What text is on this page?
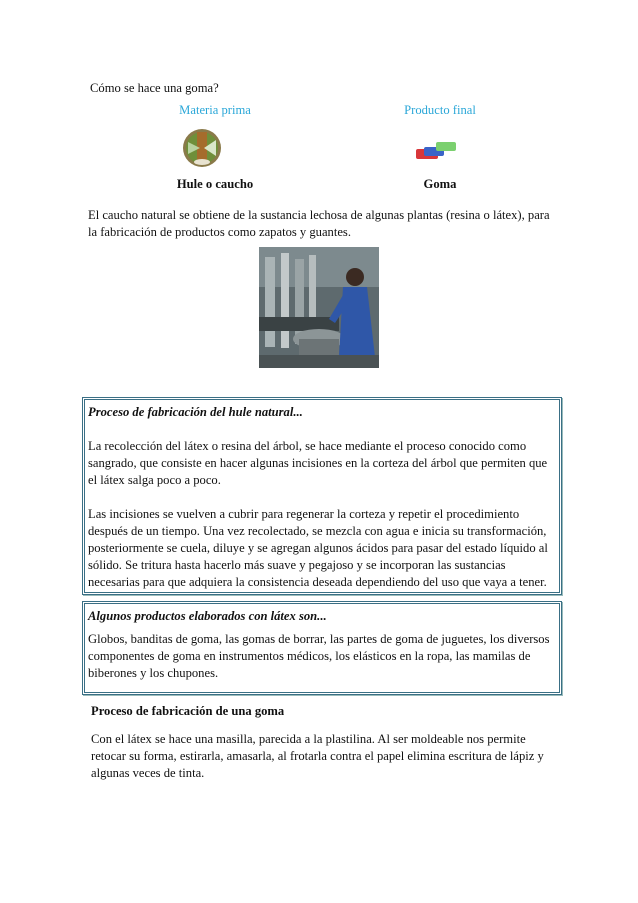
Cómo se hace una goma?
Materia prima	Producto final
Hule o caucho	Goma
El caucho natural se obtiene de la sustancia lechosa de algunas plantas (resina o látex), para la fabricación de productos como zapatos y guantes.

Proceso de fabricación del hule natural...

La recolección del látex o resina del árbol, se hace mediante el proceso conocido como sangrado, que consiste en hacer algunas incisiones en la corteza del árbol que permiten que el látex salga poco a poco.

Las incisiones se vuelven a cubrir para regenerar la corteza y repetir el procedimiento después de un tiempo. Una vez recolectado, se mezcla con agua e inicia su transformación, posteriormente se cuela, diluye y se agregan algunos ácidos para pasar del estado líquido al sólido. Se tritura hasta hacerlo más suave y pegajoso y se incorporan las sustancias necesarias para que adquiera la consistencia deseada dependiendo del uso que vaya a tener.

Algunos productos elaborados con látex son...

Globos, banditas de goma, las gomas de borrar, las partes de goma de juguetes, los diversos componentes de goma en instrumentos médicos, los elásticos en la ropa, las mamilas de biberones y los chupones.

Proceso de fabricación de una goma
Con el látex se hace una masilla, parecida a la plastilina. Al ser moldeable nos permite retocar su forma, estirarla, amasarla, al frotarla contra el papel elimina escritura de lápiz y algunas veces de tinta.
